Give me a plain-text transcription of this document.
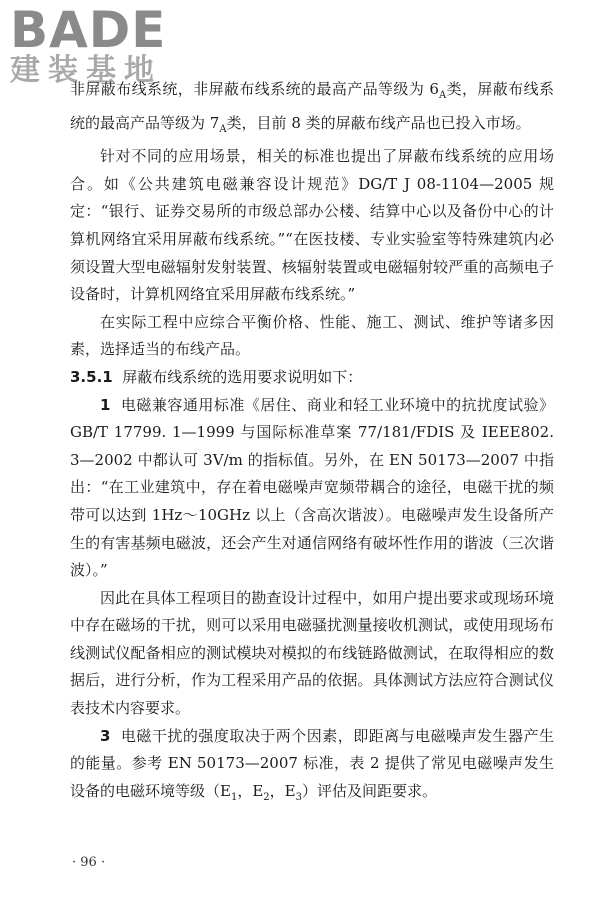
BADE
建装基地

非屏蔽布线系统，非屏蔽布线系统的最高产品等级为 $6_A$类，屏蔽布线系统的最高产品等级为 $7_A$类，目前 8 类的屏蔽布线产品也已投入市场。

针对不同的应用场景，相关的标准也提出了屏蔽布线系统的应用场合。如《公共建筑电磁兼容设计规范》DG/T J 08-1104—2005 规定：“银行、证券交易所的市级总部办公楼、结算中心以及备份中心的计算机网络宜采用屏蔽布线系统。”“在医技楼、专业实验室等特殊建筑内必须设置大型电磁辐射发射装置、核辐射装置或电磁辐射较严重的高频电子设备时，计算机网络宜采用屏蔽布线系统。”

在实际工程中应综合平衡价格、性能、施工、测试、维护等诸多因素，选择适当的布线产品。

3.5.1 屏蔽布线系统的选用要求说明如下：

1 电磁兼容通用标准《居住、商业和轻工业环境中的抗扰度试验》GB/T 17799. 1—1999 与国际标准草案 77/181/FDIS 及 IEEE802. 3—2002 中都认可 3V/m 的指标值。另外，在 EN 50173—2007 中指出：“在工业建筑中，存在着电磁噪声宽频带耦合的途径，电磁干扰的频带可以达到 1Hz～10GHz 以上（含高次谐波）。电磁噪声发生设备所产生的有害基频电磁波，还会产生对通信网络有破坏性作用的谐波（三次谐波）。”

因此在具体工程项目的勘查设计过程中，如用户提出要求或现场环境中存在磁场的干扰，则可以采用电磁骚扰测量接收机测试，或使用现场布线测试仪配备相应的测试模块对模拟的布线链路做测试，在取得相应的数据后，进行分析，作为工程采用产品的依据。具体测试方法应符合测试仪表技术内容要求。

3 电磁干扰的强度取决于两个因素，即距离与电磁噪声发生器产生的能量。参考 EN 50173—2007 标准，表 2 提供了常见电磁噪声发生设备的电磁环境等级（$E_1$，$E_2$，$E_3$）评估及间距要求。

· 96 ·
